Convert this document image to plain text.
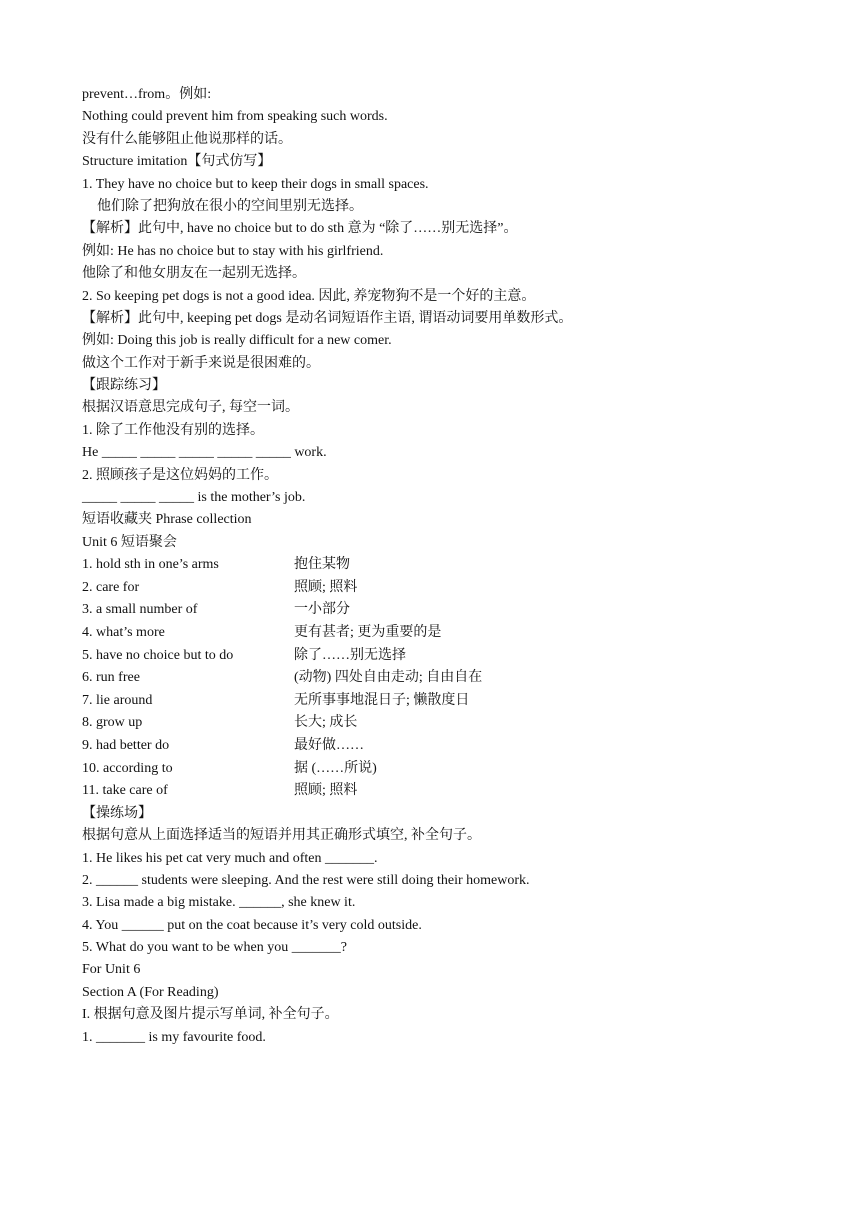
prevent…from。例如:
Nothing could prevent him from speaking such words.
没有什么能够阻止他说那样的话。
Structure imitation【句式仿写】
1. They have no choice but to keep their dogs in small spaces.
他们除了把狗放在很小的空间里别无选择。
【解析】此句中, have no choice but to do sth 意为 “除了……别无选择”。
例如: He has no choice but to stay with his girlfriend.
他除了和他女朋友在一起别无选择。
2. So keeping pet dogs is not a good idea. 因此, 养宠物狗不是一个好的主意。
【解析】此句中, keeping pet dogs 是动名词短语作主语, 谓语动词要用单数形式。
例如: Doing this job is really difficult for a new comer.
做这个工作对于新手来说是很困难的。
【跟踪练习】
根据汉语意思完成句子, 每空一词。
1. 除了工作他没有别的选择。
He _____ _____ _____ _____ _____ work.
2. 照顾孩子是这位妈妈的工作。
_____ _____ _____ is the mother’s job.
短语收藏夹 Phrase collection
Unit 6 短语聚会
1. hold sth in one’s arms	抱住某物
2. care for	照顾; 照料
3. a small number of	一小部分
4. what’s more	更有甚者; 更为重要的是
5. have no choice but to do	除了……别无选择
6. run free	(动物) 四处自由走动; 自由自在
7. lie around	无所事事地混日子; 懒散度日
8. grow up	长大; 成长
9. had better do	最好做……
10. according to	据 (……所说)
11. take care of	照顾; 照料
【操练场】
根据句意从上面选择适当的短语并用其正确形式填空, 补全句子。
1. He likes his pet cat very much and often _______.
2. ______ students were sleeping. And the rest were still doing their homework.
3. Lisa made a big mistake. ______, she knew it.
4. You ______ put on the coat because it’s very cold outside.
5. What do you want to be when you _______?
For Unit 6
Section A (For Reading)
I. 根据句意及图片提示写单词, 补全句子。
1. _______ is my favourite food.
